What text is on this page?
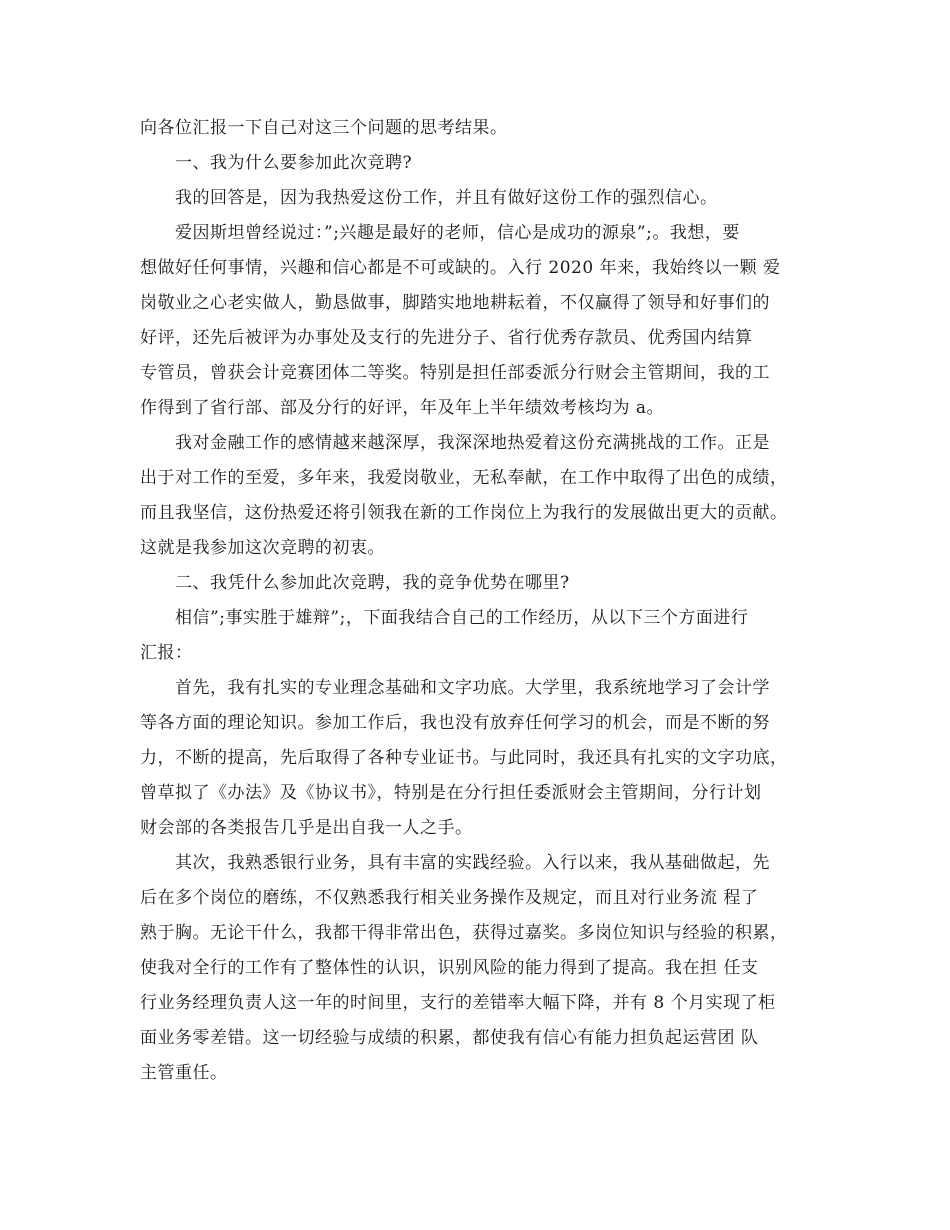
向各位汇报一下自己对这三个问题的思考结果。
一、我为什么要参加此次竞聘?
我的回答是，因为我热爱这份工作，并且有做好这份工作的强烈信心。
爱因斯坦曾经说过：”;兴趣是最好的老师，信心是成功的源泉”;。我想，要
想做好任何事情，兴趣和信心都是不可或缺的。入行 2020 年来，我始终以一颗 爱
岗敬业之心老实做人，勤恳做事，脚踏实地地耕耘着，不仅赢得了领导和好事们的
好评，还先后被评为办事处及支行的先进分子、省行优秀存款员、优秀国内结算
专管员，曾获会计竞赛团体二等奖。特别是担任部委派分行财会主管期间，我的工
作得到了省行部、部及分行的好评，年及年上半年绩效考核均为 a。
我对金融工作的感情越来越深厚，我深深地热爱着这份充满挑战的工作。正是
出于对工作的至爱，多年来，我爱岗敬业，无私奉献，在工作中取得了出色的成绩，
而且我坚信，这份热爱还将引领我在新的工作岗位上为我行的发展做出更大的贡献。
这就是我参加这次竞聘的初衷。
二、我凭什么参加此次竞聘，我的竞争优势在哪里?
相信”;事实胜于雄辩”;，下面我结合自己的工作经历，从以下三个方面进行
汇报：
首先，我有扎实的专业理念基础和文字功底。大学里，我系统地学习了会计学
等各方面的理论知识。参加工作后，我也没有放弃任何学习的机会，而是不断的努
力，不断的提高，先后取得了各种专业证书。与此同时，我还具有扎实的文字功底，
曾草拟了《办法》及《协议书》，特别是在分行担任委派财会主管期间，分行计划
财会部的各类报告几乎是出自我一人之手。
其次，我熟悉银行业务，具有丰富的实践经验。入行以来，我从基础做起，先
后在多个岗位的磨练，不仅熟悉我行相关业务操作及规定，而且对行业务流 程了
熟于胸。无论干什么，我都干得非常出色，获得过嘉奖。多岗位知识与经验的积累，
使我对全行的工作有了整体性的认识，识别风险的能力得到了提高。我在担 任支
行业务经理负责人这一年的时间里，支行的差错率大幅下降，并有 8 个月实现了柜
面业务零差错。这一切经验与成绩的积累，都使我有信心有能力担负起运营团 队
主管重任。
